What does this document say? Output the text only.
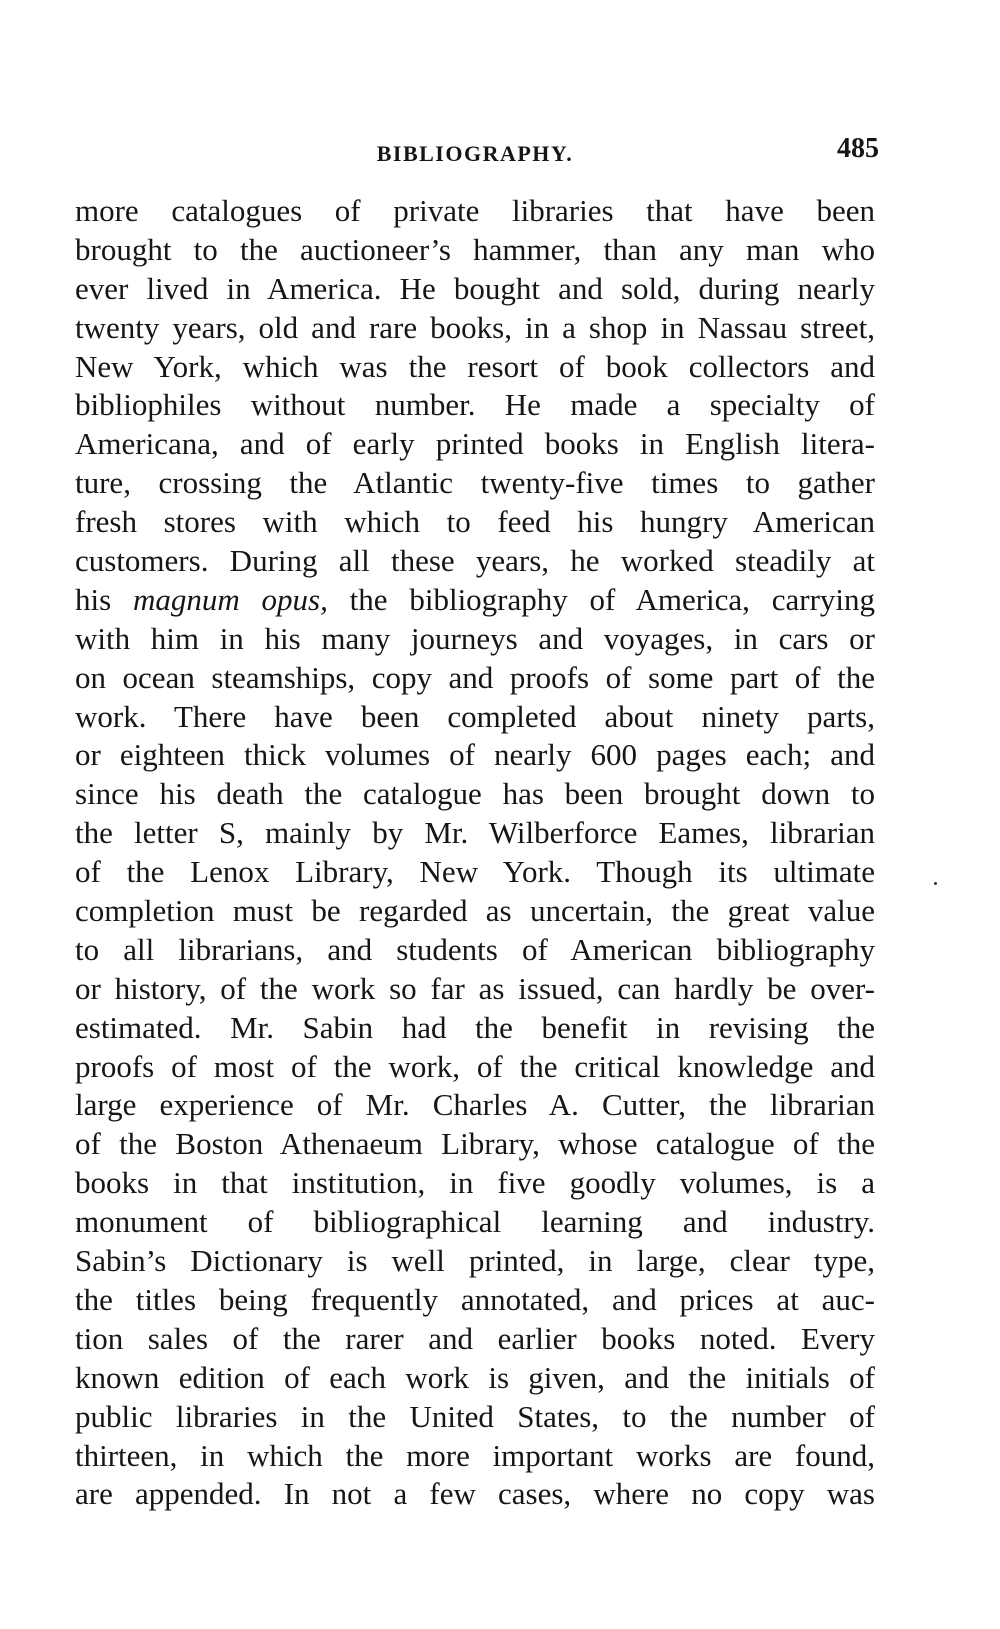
BIBLIOGRAPHY.	485
more catalogues of private libraries that have been
brought to the auctioneer’s hammer, than any man who
ever lived in America. He bought and sold, during nearly
twenty years, old and rare books, in a shop in Nassau street,
New York, which was the resort of book collectors and
bibliophiles without number. He made a specialty of
Americana, and of early printed books in English litera-
ture, crossing the Atlantic twenty-five times to gather
fresh stores with which to feed his hungry American
customers. During all these years, he worked steadily at
his magnum opus, the bibliography of America, carrying
with him in his many journeys and voyages, in cars or
on ocean steamships, copy and proofs of some part of the
work. There have been completed about ninety parts,
or eighteen thick volumes of nearly 600 pages each; and
since his death the catalogue has been brought down to
the letter S, mainly by Mr. Wilberforce Eames, librarian
of the Lenox Library, New York. Though its ultimate
completion must be regarded as uncertain, the great value
to all librarians, and students of American bibliography
or history, of the work so far as issued, can hardly be over-
estimated. Mr. Sabin had the benefit in revising the
proofs of most of the work, of the critical knowledge and
large experience of Mr. Charles A. Cutter, the librarian
of the Boston Athenaeum Library, whose catalogue of the
books in that institution, in five goodly volumes, is a
monument of bibliographical learning and industry.
Sabin’s Dictionary is well printed, in large, clear type,
the titles being frequently annotated, and prices at auc-
tion sales of the rarer and earlier books noted. Every
known edition of each work is given, and the initials of
public libraries in the United States, to the number of
thirteen, in which the more important works are found,
are appended. In not a few cases, where no copy was
